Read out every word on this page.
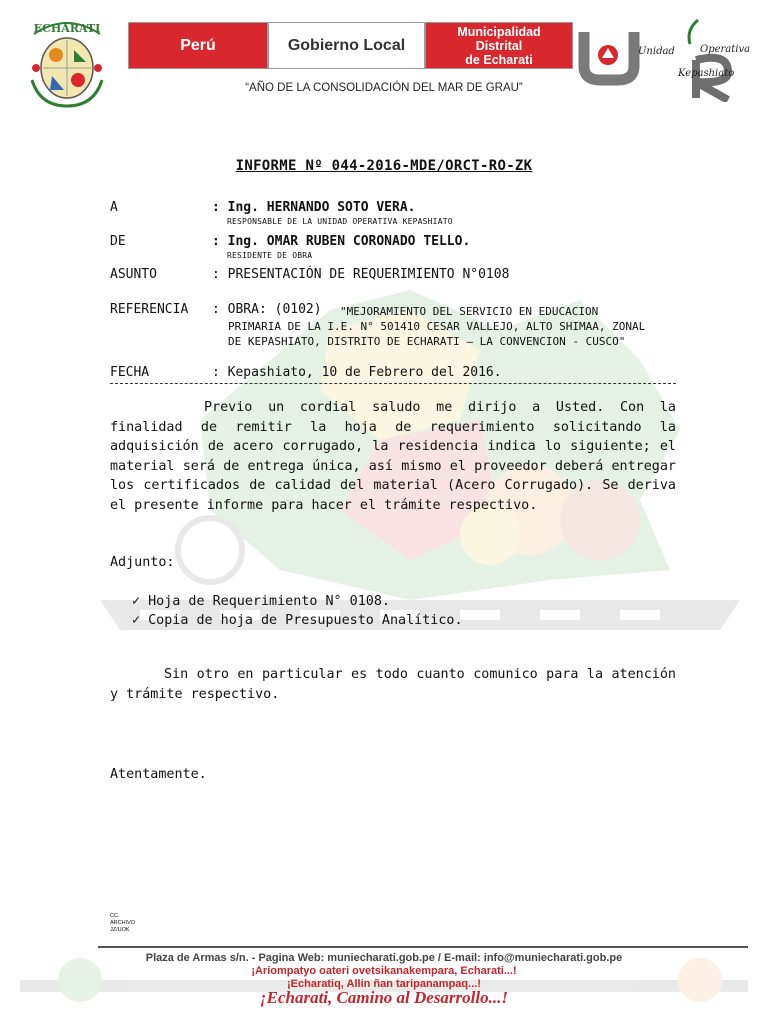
ECHARATI
Perú	Gobierno Local
Municipalidad
Distrital
de Echarati
Unidad	Operativa
Kepashiato
“AÑO DE LA CONSOLIDACIÓN DEL MAR DE GRAU”
INFORME Nº 044-2016-MDE/ORCT-RO-ZK
A	: Ing. HERNANDO SOTO VERA.
RESPONSABLE DE LA UNIDAD OPERATIVA KEPASHIATO
DE	: Ing. OMAR RUBEN CORONADO TELLO.
RESIDENTE DE OBRA
ASUNTO	: PRESENTACIÓN DE REQUERIMIENTO N°0108
REFERENCIA : OBRA: (0102) "MEJORAMIENTO DEL SERVICIO EN EDUCACION
PRIMARIA DE LA I.E. N° 501410 CESAR VALLEJO, ALTO SHIMAA, ZONAL
DE KEPASHIATO, DISTRITO DE ECHARATI – LA CONVENCION - CUSCO"
FECHA	: Kepashiato, 10 de Febrero del 2016.
Previo un cordial saludo me dirijo a Usted. Con la finalidad de remitir la hoja de requerimiento solicitando la adquisición de acero corrugado, la residencia indica lo siguiente; el material será de entrega única, así mismo el proveedor deberá entregar los certificados de calidad del material (Acero Corrugado). Se deriva el presente informe para hacer el trámite respectivo.
Adjunto:
✓ Hoja de Requerimiento N° 0108.
✓ Copia de hoja de Presupuesto Analítico.
Sin otro en particular es todo cuanto comunico para la atención y trámite respectivo.
Atentamente.
CC.
ARCHIVO
JZ/UOK
Plaza de Armas s/n. - Pagina Web: muniecharati.gob.pe / E-mail: info@muniecharati.gob.pe
¡Ariompatyo oateri ovetsikanakempara, Echarati...!
¡Echaratiq, Allin ñan taripanampaq...!
¡Echarati, Camino al Desarrollo...!
